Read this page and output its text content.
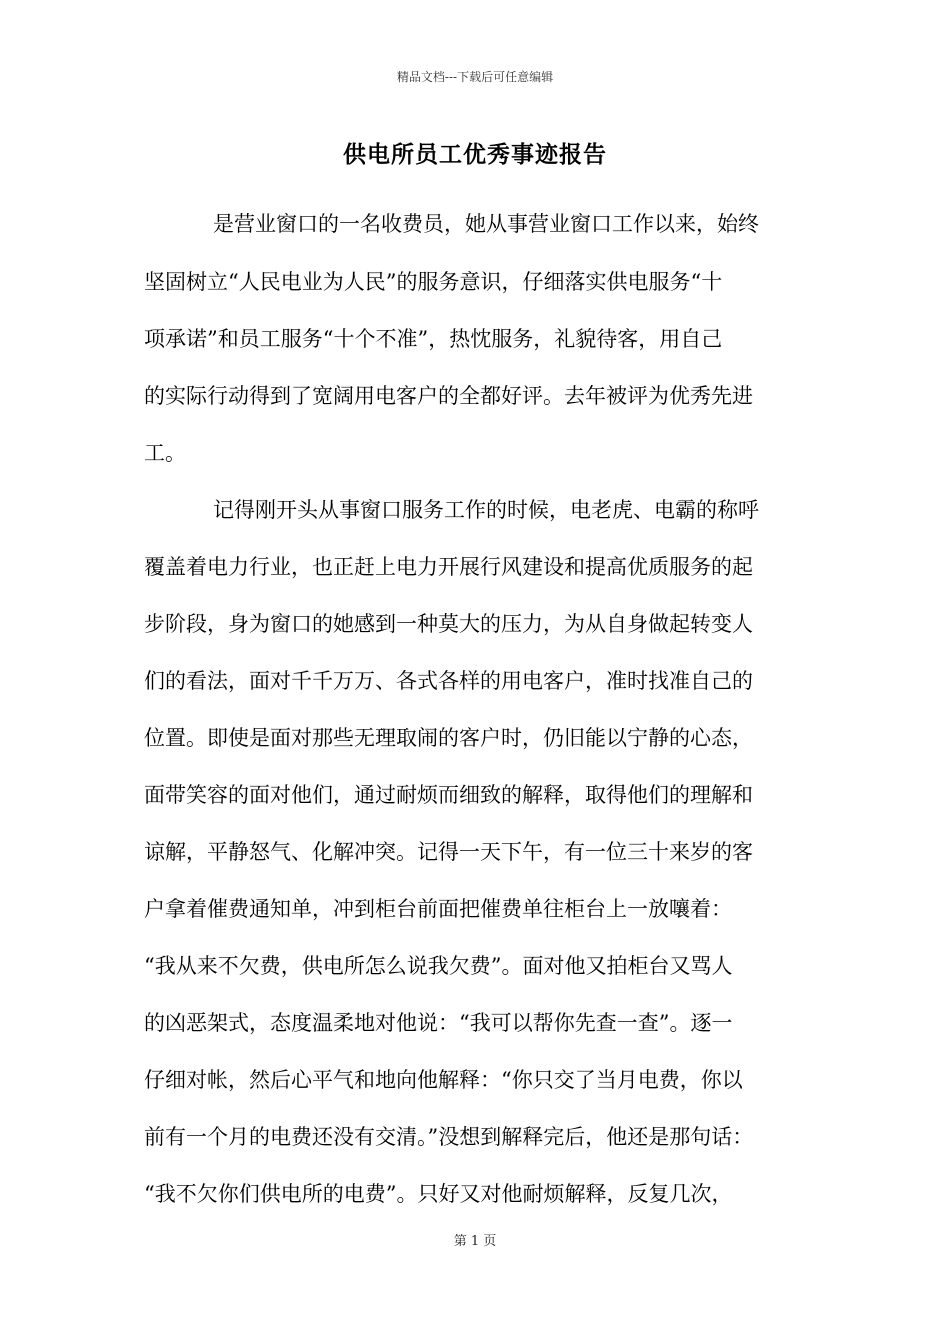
精品文档---下载后可任意编辑
供电所员工优秀事迹报告
是营业窗口的一名收费员，她从事营业窗口工作以来，始终
坚固树立“人民电业为人民”的服务意识，仔细落实供电服务“十
项承诺”和员工服务“十个不准”，热忱服务，礼貌待客，用自己
的实际行动得到了宽阔用电客户的全都好评。去年被评为优秀先进
工。
记得刚开头从事窗口服务工作的时候，电老虎、电霸的称呼
覆盖着电力行业，也正赶上电力开展行风建设和提高优质服务的起
步阶段，身为窗口的她感到一种莫大的压力，为从自身做起转变人
们的看法，面对千千万万、各式各样的用电客户，准时找准自己的
位置。即使是面对那些无理取闹的客户时，仍旧能以宁静的心态，
面带笑容的面对他们，通过耐烦而细致的解释，取得他们的理解和
谅解，平静怒气、化解冲突。记得一天下午，有一位三十来岁的客
户拿着催费通知单，冲到柜台前面把催费单往柜台上一放嚷着：
“我从来不欠费，供电所怎么说我欠费”。面对他又拍柜台又骂人
的凶恶架式，态度温柔地对他说：“我可以帮你先查一查”。逐一
仔细对帐，然后心平气和地向他解释：“你只交了当月电费，你以
前有一个月的电费还没有交清。”没想到解释完后，他还是那句话：
“我不欠你们供电所的电费”。只好又对他耐烦解释，反复几次，
第 1 页
